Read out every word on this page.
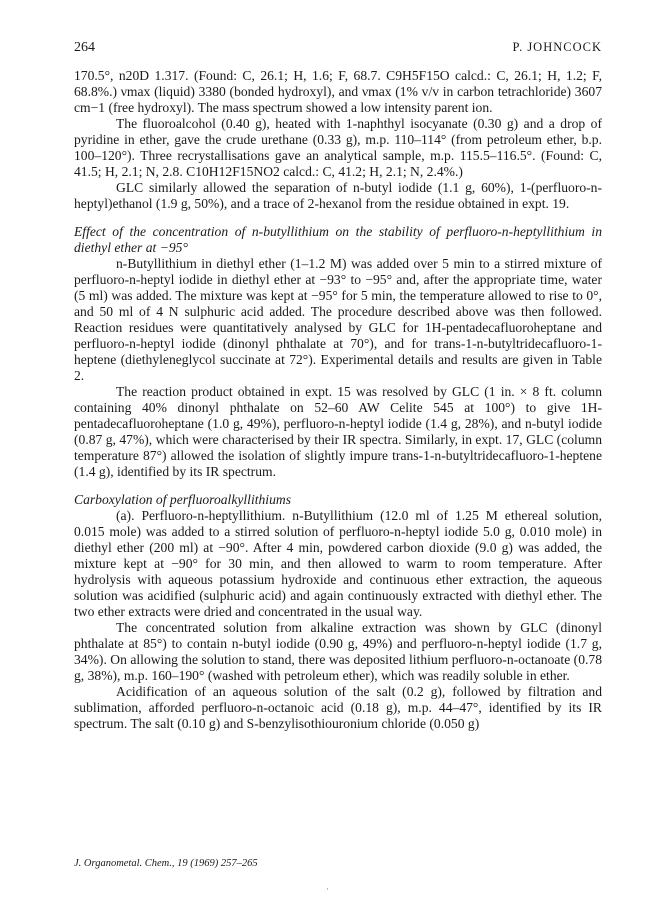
264	P. JOHNCOCK

170.5°, n20D 1.317. (Found: C, 26.1; H, 1.6; F, 68.7. C9H5F15O calcd.: C, 26.1; H, 1.2; F, 68.8%.) νmax (liquid) 3380 (bonded hydroxyl), and νmax (1% v/v in carbon tetrachloride) 3607 cm−1 (free hydroxyl). The mass spectrum showed a low intensity parent ion.

The fluoroalcohol (0.40 g), heated with 1-naphthyl isocyanate (0.30 g) and a drop of pyridine in ether, gave the crude urethane (0.33 g), m.p. 110–114° (from petroleum ether, b.p. 100–120°). Three recrystallisations gave an analytical sample, m.p. 115.5–116.5°. (Found: C, 41.5; H, 2.1; N, 2.8. C10H12F15NO2 calcd.: C, 41.2; H, 2.1; N, 2.4%.)

GLC similarly allowed the separation of n-butyl iodide (1.1 g, 60%), 1-(perfluoro-n-heptyl)ethanol (1.9 g, 50%), and a trace of 2-hexanol from the residue obtained in expt. 19.

Effect of the concentration of n-butyllithium on the stability of perfluoro-n-heptyllithium in diethyl ether at −95°

n-Butyllithium in diethyl ether (1–1.2 M) was added over 5 min to a stirred mixture of perfluoro-n-heptyl iodide in diethyl ether at −93° to −95° and, after the appropriate time, water (5 ml) was added. The mixture was kept at −95° for 5 min, the temperature allowed to rise to 0°, and 50 ml of 4 N sulphuric acid added. The procedure described above was then followed. Reaction residues were quantitatively analysed by GLC for 1H-pentadecafluoroheptane and perfluoro-n-heptyl iodide (dinonyl phthalate at 70°), and for trans-1-n-butyltridecafluoro-1-heptene (diethyleneglycol succinate at 72°). Experimental details and results are given in Table 2.

The reaction product obtained in expt. 15 was resolved by GLC (1 in. × 8 ft. column containing 40% dinonyl phthalate on 52–60 AW Celite 545 at 100°) to give 1H-pentadecafluoroheptane (1.0 g, 49%), perfluoro-n-heptyl iodide (1.4 g, 28%), and n-butyl iodide (0.87 g, 47%), which were characterised by their IR spectra. Similarly, in expt. 17, GLC (column temperature 87°) allowed the isolation of slightly impure trans-1-n-butyltridecafluoro-1-heptene (1.4 g), identified by its IR spectrum.

Carboxylation of perfluoroalkyllithiums

(a). Perfluoro-n-heptyllithium. n-Butyllithium (12.0 ml of 1.25 M ethereal solution, 0.015 mole) was added to a stirred solution of perfluoro-n-heptyl iodide 5.0 g, 0.010 mole) in diethyl ether (200 ml) at −90°. After 4 min, powdered carbon dioxide (9.0 g) was added, the mixture kept at −90° for 30 min, and then allowed to warm to room temperature. After hydrolysis with aqueous potassium hydroxide and continuous ether extraction, the aqueous solution was acidified (sulphuric acid) and again continuously extracted with diethyl ether. The two ether extracts were dried and concentrated in the usual way.

The concentrated solution from alkaline extraction was shown by GLC (dinonyl phthalate at 85°) to contain n-butyl iodide (0.90 g, 49%) and perfluoro-n-heptyl iodide (1.7 g, 34%). On allowing the solution to stand, there was deposited lithium perfluoro-n-octanoate (0.78 g, 38%), m.p. 160–190° (washed with petroleum ether), which was readily soluble in ether.

Acidification of an aqueous solution of the salt (0.2 g), followed by filtration and sublimation, afforded perfluoro-n-octanoic acid (0.18 g), m.p. 44–47°, identified by its IR spectrum. The salt (0.10 g) and S-benzylisothiouronium chloride (0.050 g)

J. Organometal. Chem., 19 (1969) 257–265
·
